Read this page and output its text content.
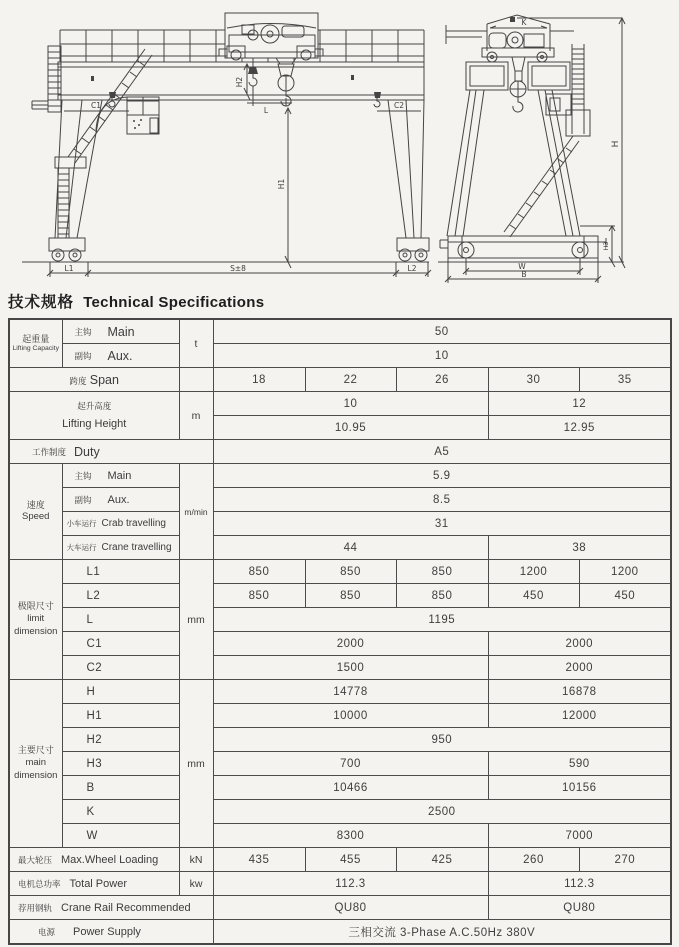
H2
L
C1	C2
H1
L1	S±8	L2
K
H
H3
W
B
技术规格 Technical Specifications
起重量
Lifting Capacity	主钩 Main	t	50				

	副钩 Aux.		10				
跨度 Span			18	22	26	30	35
起升高度
Lifting Height		m	10			12	
			10.95			12.95	

工作制度 Duty			A5				

速度
Speed	主钩 Main	m/min	5.9				

	副钩 Aux.		8.5				

	小车运行 Crab travelling		31				

	大车运行 Crane travelling		44			38	

极限尺寸
limit
dimension	L1	mm	850	850	850	1200	1200
	L2		850	850	850	450	450
	L		1195				
	C1		2000			2000	
	C2		1500			2000	

主要尺寸
main
dimension	H	mm	14778			16878	
	H1		10000			12000	
	H2		950				
	H3		700			590	
	B		10466			10156	
	K		2500				
	W		8300			7000	

最大轮压 Max.Wheel Loading		kN	435	455	425	260	270

电机总功率 Total Power		kw	112.3			112.3	

荐用钢轨 Crane Rail Recommended			QU80			QU80	

电源 Power Supply			三相交流 3-Phase A.C.50Hz 380V				
